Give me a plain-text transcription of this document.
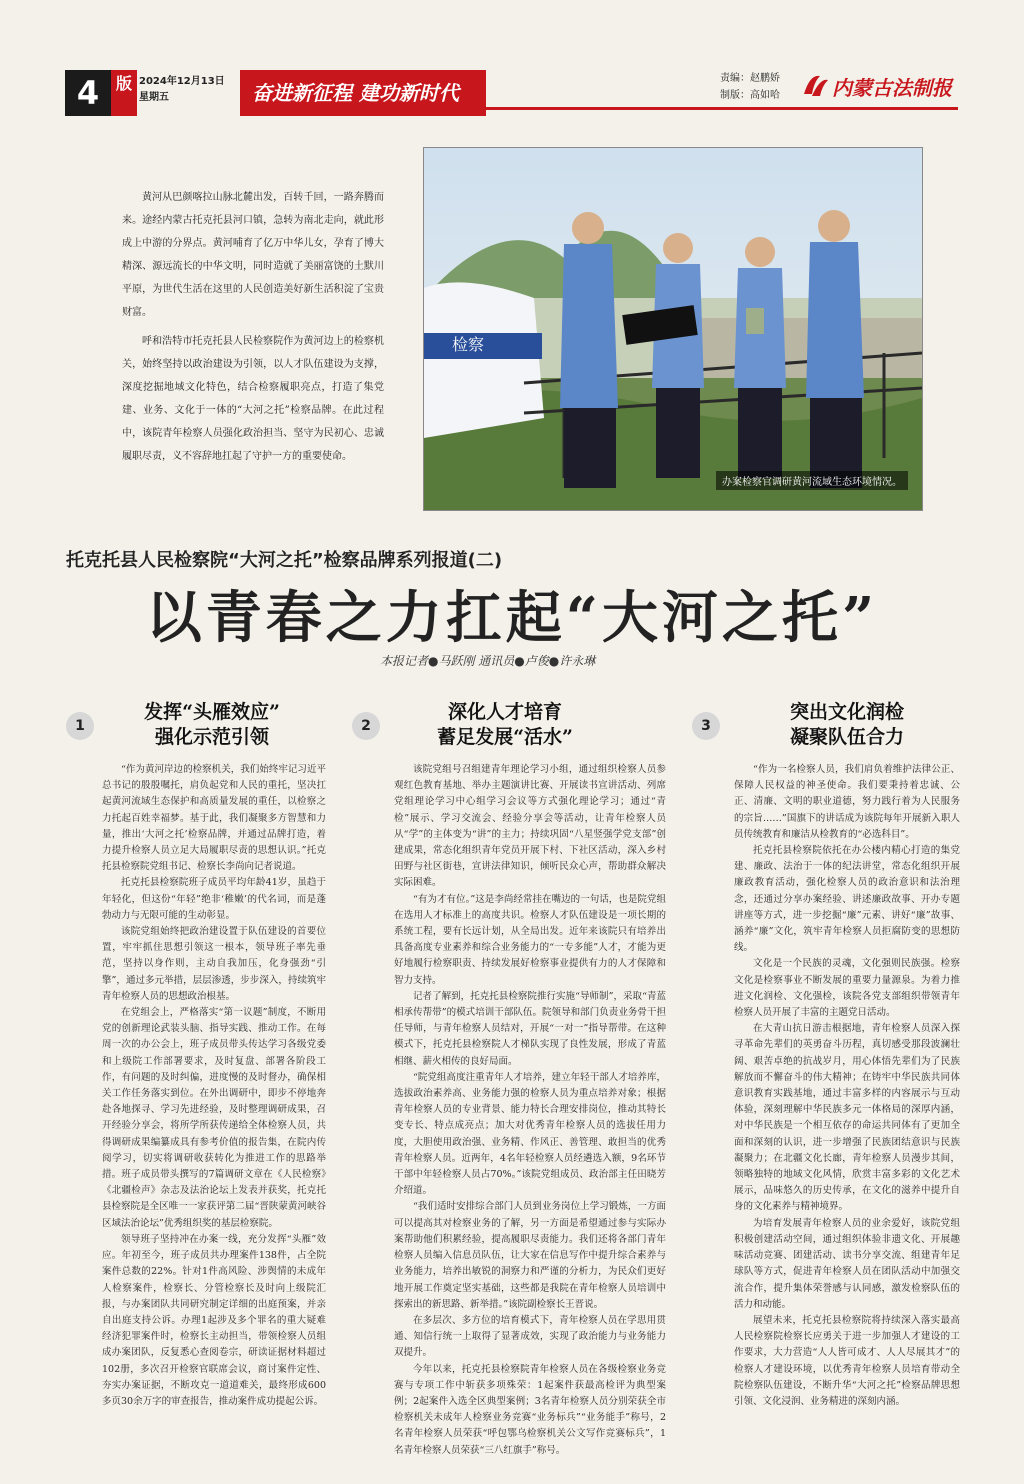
4	版 2024年12月13日
星期五	奋进新征程 建功新时代
责编：赵鹏娇
制版：高如哈	内蒙古法制报

黄河从巴颜喀拉山脉北麓出发，百转千回，一路奔腾而来。途经内蒙古托克托县河口镇，急转为南北走向，就此形成上中游的分界点。黄河哺育了亿万中华儿女，孕育了博大精深、源远流长的中华文明，同时造就了美丽富饶的土默川平原，为世代生活在这里的人民创造美好新生活积淀了宝贵财富。

呼和浩特市托克托县人民检察院作为黄河边上的检察机关，始终坚持以政治建设为引领，以人才队伍建设为支撑，深度挖掘地域文化特色，结合检察履职亮点，打造了集党建、业务、文化于一体的“大河之托”检察品牌。在此过程中，该院青年检察人员强化政治担当、坚守为民初心、忠诚履职尽责，义不容辞地扛起了守护一方的重要使命。

检察
办案检察官调研黄河流域生态环境情况。
托克托县人民检察院“大河之托”检察品牌系列报道(二)
以青春之力扛起“大河之托”
本报记者●马跃刚 通讯员●卢俊●许永琳
1
发挥“头雁效应”
强化示范引领

“作为黄河岸边的检察机关，我们始终牢记习近平总书记的殷殷嘱托，肩负起党和人民的重托，坚决扛起黄河流域生态保护和高质量发展的重任，以检察之力托起百姓幸福梦。基于此，我们凝聚多方智慧和力量，推出‘大河之托’检察品牌，并通过品牌打造，着力提升检察人员立足大局履职尽责的思想认识。”托克托县检察院党组书记、检察长李尚向记者说道。

托克托县检察院班子成员平均年龄41岁，虽趋于年轻化，但这份“年轻”绝非‘稚嫩’的代名词，而是蓬勃动力与无限可能的生动彰显。

该院党组始终把政治建设置于队伍建设的首要位置，牢牢抓住思想引领这一根本，领导班子率先垂范，坚持以身作则，主动自我加压，化身强劲“引擎”，通过多元举措，层层渗透，步步深入，持续筑牢青年检察人员的思想政治根基。

在党组会上，严格落实“第一议题”制度，不断用党的创新理论武装头脑、指导实践、推动工作。在每周一次的办公会上，班子成员带头传达学习各级党委和上级院工作部署要求，及时复盘、部署各阶段工作，有问题的及时纠偏，进度慢的及时督办，确保相关工作任务落实到位。在外出调研中，即步不停地奔赴各地探寻、学习先进经验，及时整理调研成果，召开经验分享会，将所学所获传递给全体检察人员，共得调研成果编纂成具有参考价值的报告集，在院内传阅学习，切实将调研收获转化为推进工作的思路举措。班子成员带头撰写的7篇调研文章在《人民检察》《北疆检声》杂志及法治论坛上发表并获奖，托克托县检察院是全区唯一一家获评第二届“晋陕蒙黄河峡谷区域法治论坛”优秀组织奖的基层检察院。

领导班子坚持冲在办案一线，充分发挥“头雁”效应。年初至今，班子成员共办理案件138件，占全院案件总数的22%。针对1件高风险、涉舆情的未成年人检察案件，检察长、分管检察长及时向上级院汇报，与办案团队共同研究制定详细的出庭预案，并亲自出庭支持公诉。办理1起涉及多个罪名的重大疑难经济犯罪案件时，检察长主动担当，带领检察人员组成办案团队，反复悉心查阅卷宗，研读证据材料超过102册，多次召开检察官联席会议，商讨案件定性、夯实办案证据，不断攻克一道道难关，最终形成600多页30余万字的审查报告，推动案件成功提起公诉。

2
深化人才培育
蓄足发展“活水”

该院党组号召组建青年理论学习小组，通过组织检察人员参观红色教育基地、举办主题演讲比赛、开展读书宣讲活动、列席党组理论学习中心组学习会议等方式强化理论学习；通过“青检”展示、学习交流会、经验分享会等活动，让青年检察人员从“学”的主体变为“讲”的主力；持续巩固“八星竖强学党支部”创建成果，常态化组织青年党员开展下村、下社区活动，深入乡村田野与社区街巷，宣讲法律知识，倾听民众心声，帮助群众解决实际困难。

“有为才有位。”这是李尚经常挂在嘴边的一句话，也是院党组在选用人才标准上的高度共识。检察人才队伍建设是一项长期的系统工程，要有长远计划，从全局出发。近年来该院只有培养出具备高度专业素养和综合业务能力的“一专多能”人才，才能为更好地履行检察职责、持续发展好检察事业提供有力的人才保障和智力支持。

记者了解到，托克托县检察院推行实施“导师制”，采取“青蓝相承传帮带”的模式培训干部队伍。院领导和部门负责业务骨干担任导师，与青年检察人员结对，开展“一对一”指导帮带。在这种模式下，托克托县检察院人才梯队实现了良性发展，形成了青蓝相继、薪火相传的良好局面。

“院党组高度注重青年人才培养，建立年轻干部人才培养库，选拔政治素养高、业务能力强的检察人员为重点培养对象；根据青年检察人员的专业背景、能力特长合理安排岗位，推动其特长变专长、特点成亮点；加大对优秀青年检察人员的选拔任用力度，大胆使用政治强、业务精、作风正、善管理、敢担当的优秀青年检察人员。近两年，4名年轻检察人员经遴选入额，9名环节干部中年轻检察人员占70%。”该院党组成员、政治部主任田晓芳介绍道。

“我们适时安排综合部门人员到业务岗位上学习锻炼，一方面可以提高其对检察业务的了解，另一方面是希望通过参与实际办案帮助他们积累经验，提高履职尽责能力。我们还将各部门青年检察人员编入信息员队伍，让大家在信息写作中提升综合素养与业务能力，培养出敏锐的洞察力和严谨的分析力，为民众们更好地开展工作奠定坚实基础，这些都是我院在青年检察人员培训中探索出的新思路、新举措。”该院副检察长王晋说。

在多层次、多方位的培育模式下，青年检察人员在学思用贯通、知信行统一上取得了显著成效，实现了政治能力与业务能力双提升。

今年以来，托克托县检察院青年检察人员在各级检察业务竞赛与专项工作中斩获多项殊荣：1起案件获最高检评为典型案例；2起案件入选全区典型案例；3名青年检察人员分别荣获全市检察机关未成年人检察业务竞赛“业务标兵”“业务能手”称号，2名青年检察人员荣获“呼包鄂乌检察机关公文写作竞赛标兵”，1名青年检察人员荣获“三八红旗手”称号。

3
突出文化润检
凝聚队伍合力

“作为一名检察人员，我们肩负着维护法律公正、保障人民权益的神圣使命。我们要秉持着忠诚、公正、清廉、文明的职业道德，努力践行着为人民服务的宗旨……”国旗下的讲话成为该院每年开展新入职人员传统教育和廉洁从检教育的“必选科目”。

托克托县检察院依托在办公楼内精心打造的集党建、廉政、法治于一体的纪法讲堂，常态化组织开展廉政教育活动，强化检察人员的政治意识和法治理念，还通过分享办案经验、讲述廉政故事、开办专题讲座等方式，进一步挖掘“廉”元素、讲好“廉”故事、涵养“廉”文化，筑牢青年检察人员拒腐防变的思想防线。

文化是一个民族的灵魂，文化强则民族强。检察文化是检察事业不断发展的重要力量源泉。为着力推进文化润检、文化强检，该院各党支部组织带领青年检察人员开展了丰富的主题党日活动。

在大青山抗日游击根据地，青年检察人员深入探寻革命先辈们的英勇奋斗历程，真切感受那段波澜壮阔、艰苦卓绝的抗战岁月，用心体悟先辈们为了民族解放而不懈奋斗的伟大精神；在铸牢中华民族共同体意识教育实践基地，通过丰富多样的内容展示与互动体验，深刻理解中华民族多元一体格局的深厚内涵，对中华民族是一个相互依存的命运共同体有了更加全面和深刻的认识，进一步增强了民族团结意识与民族凝聚力；在北疆文化长廊，青年检察人员漫步其间，领略独特的地域文化风情，欣赏丰富多彩的文化艺术展示，品味悠久的历史传承，在文化的滋养中提升自身的文化素养与精神境界。

为培育发展青年检察人员的业余爱好，该院党组积极创建活动空间，通过组织体验非遗文化、开展趣味活动竞赛、团建活动、读书分享交流、组建青年足球队等方式，促进青年检察人员在团队活动中加强交流合作，提升集体荣誉感与认同感，激发检察队伍的活力和动能。

展望未来，托克托县检察院将持续深入落实最高人民检察院检察长应勇关于进一步加强人才建设的工作要求，大力营造“人人皆可成才、人人尽展其才”的检察人才建设环境，以优秀青年检察人员培育带动全院检察队伍建设，不断升华“大河之托”检察品牌思想引领、文化浸润、业务精进的深刻内涵。
